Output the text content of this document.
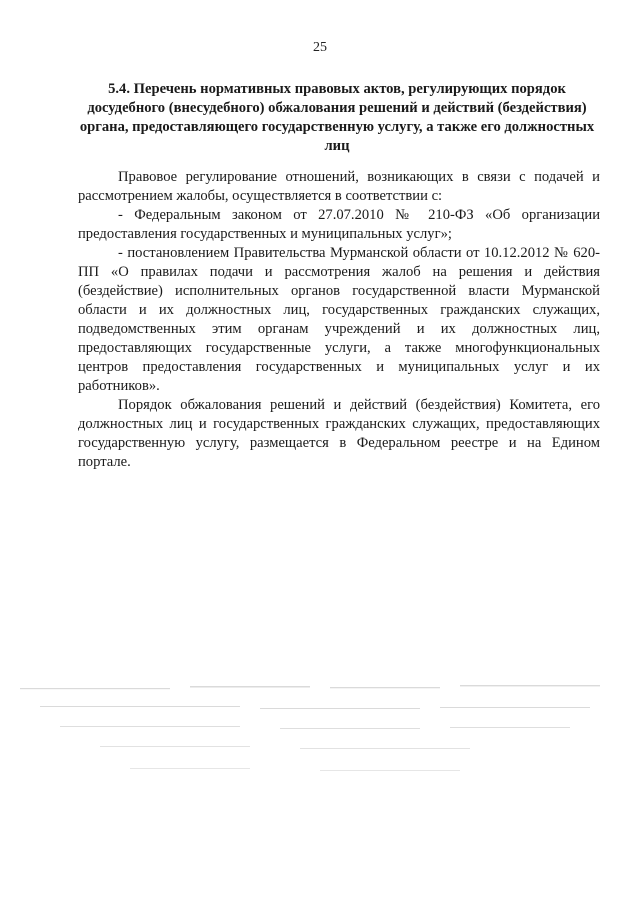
25
5.4. Перечень нормативных правовых актов, регулирующих порядок досудебного (внесудебного) обжалования решений и действий (бездействия) органа, предоставляющего государственную услугу, а также его должностных лиц

Правовое регулирование отношений, возникающих в связи с подачей и рассмотрением жалобы, осуществляется в соответствии с:

- Федеральным законом от 27.07.2010 № 210-ФЗ «Об организации предоставления государственных и муниципальных услуг»;

- постановлением Правительства Мурманской области от 10.12.2012 № 620-ПП «О правилах подачи и рассмотрения жалоб на решения и действия (бездействие) исполнительных органов государственной власти Мурманской области и их должностных лиц, государственных гражданских служащих, подведомственных этим органам учреждений и их должностных лиц, предоставляющих государственные услуги, а также многофункциональных центров предоставления государственных и муниципальных услуг и их работников».

Порядок обжалования решений и действий (бездействия) Комитета, его должностных лиц и государственных гражданских служащих, предоставляющих государственную услугу, размещается в Федеральном реестре и на Едином портале.
